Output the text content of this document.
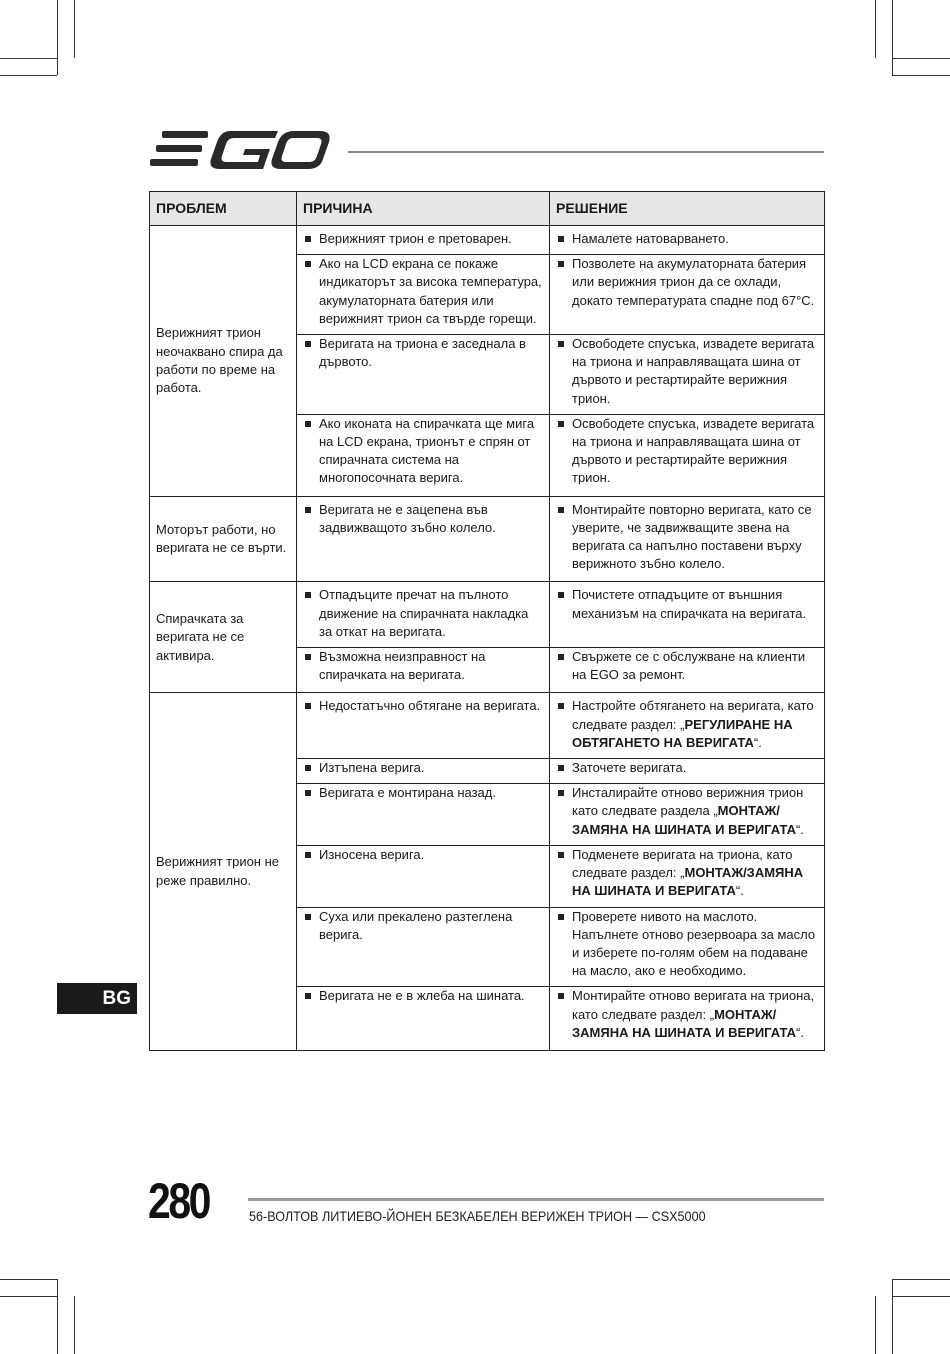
ПРОБЛЕМ	ПРИЧИНА	РЕШЕНИЕ
Верижният трион неочаквано спира да работи по време на работа.	Верижният трион е претоварен.	Намалете натоварването.

Ако на LCD екрана се покаже индикаторът за висока температура, акумулаторната батерия или верижният трион са твърде горещи.	Позволете на акумулаторната батерия или верижния трион да се охлади, докато температурата спадне под 67°C.

Веригата на триона е заседнала в дървото.	Освободете спусъка, извадете веригата на триона и направляващата шина от дървото и рестартирайте верижния трион.

Ако иконата на спирачката ще мига на LCD екрана, трионът е спрян от спирачната система на многопосочната верига.	Освободете спусъка, извадете веригата на триона и направляващата шина от дървото и рестартирайте верижния трион.

Моторът работи, но веригата не се върти.	Веригата не е зацепена във задвижващото зъбно колело.	Монтирайте повторно веригата, като се уверите, че задвижващите звена на веригата са напълно поставени върху верижното зъбно колело.

Спирачката за веригата не се активира.	Отпадъците пречат на пълното движение на спирачната накладка за откат на веригата.	Почистете отпадъците от външния механизъм на спирачката на веригата.

Възможна неизправност на спирачката на веригата.	Свържете се с обслужване на клиенти на EGO за ремонт.

Верижният трион не реже правилно.	Недостатъчно обтягане на веригата.	Настройте обтягането на веригата, като следвате раздел: „РЕГУЛИРАНЕ НА ОБТЯГАНЕТО НА ВЕРИГАТА“.

Изтъпена верига.	Заточете веригата.

Веригата е монтирана назад.	Инсталирайте отново верижния трион като следвате раздела „МОНТАЖ/ЗАМЯНА НА ШИНАТА И ВЕРИГАТА“.

Износена верига.	Подменете веригата на триона, като следвате раздел: „МОНТАЖ/ЗАМЯНА НА ШИНАТА И ВЕРИГАТА“.

Суха или прекалено разтеглена верига.	Проверете нивото на маслото. Напълнете отново резервоара за масло и изберете по-голям обем на подаване на масло, ако е необходимо.

Веригата не е в жлеба на шината.	Монтирайте отново веригата на триона, като следвате раздел: „МОНТАЖ/ ЗАМЯНА НА ШИНАТА И ВЕРИГАТА“.
BG
280	56-ВОЛТОВ ЛИТИЕВО-ЙОНЕН БЕЗКАБЕЛЕН ВЕРИЖЕН ТРИОН — CSX5000
